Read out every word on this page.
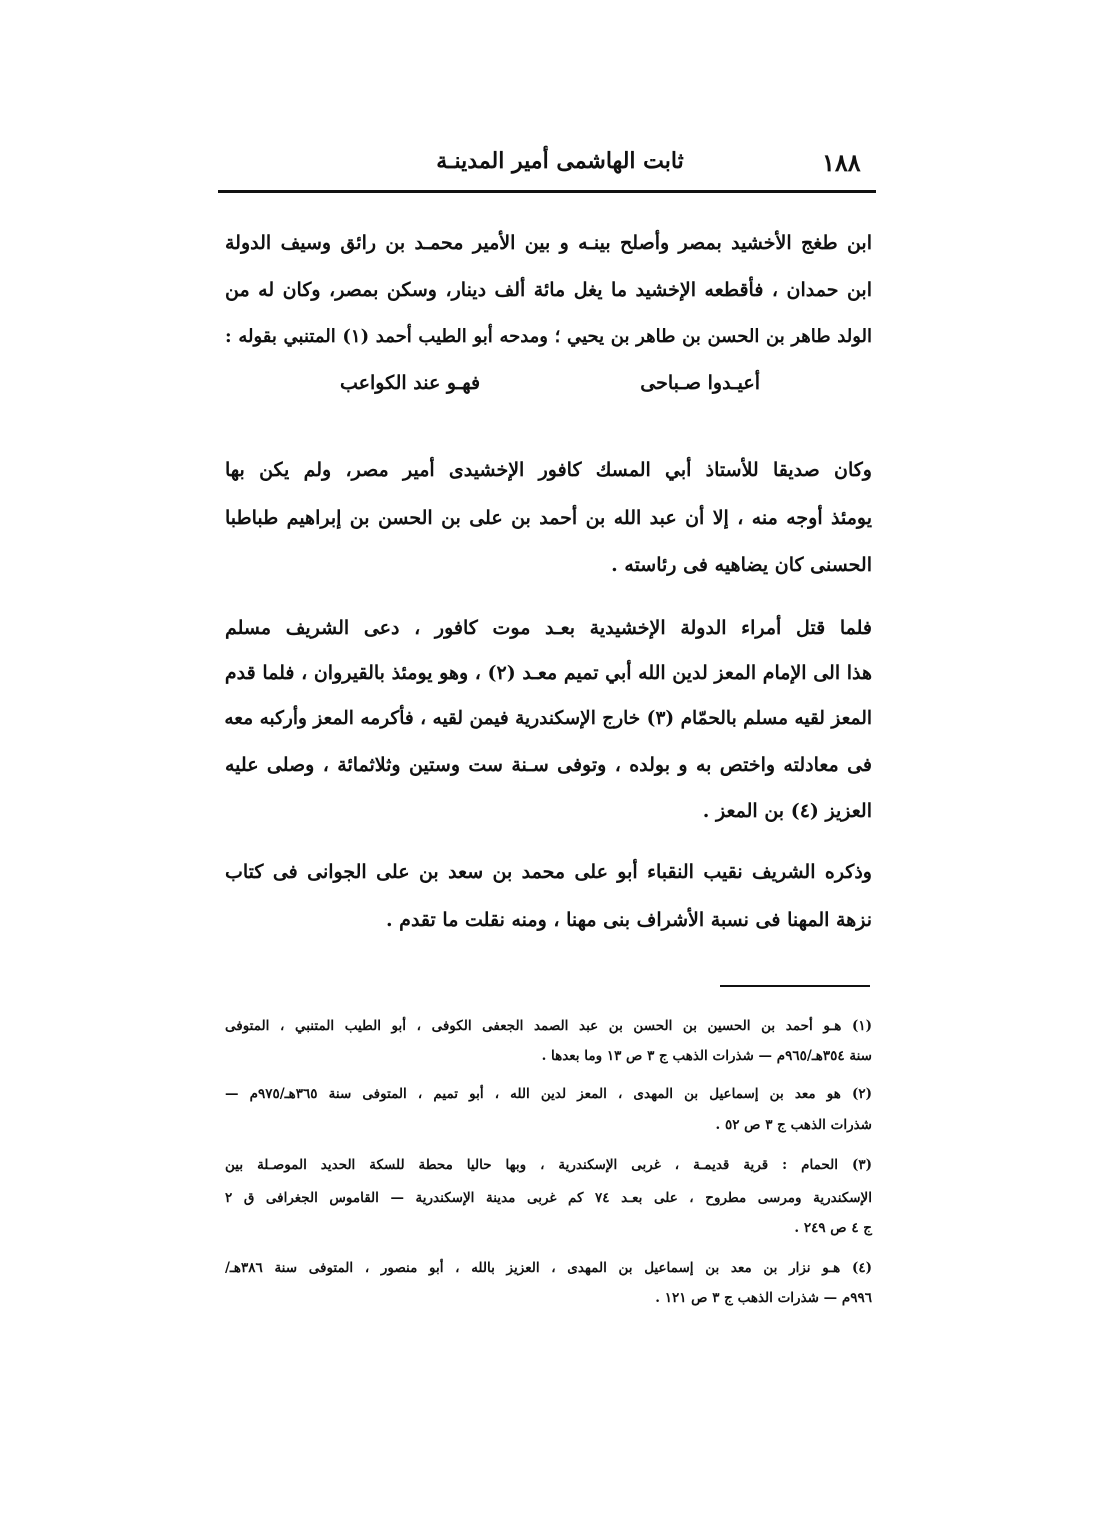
١٨٨
ثابت الهاشمى أمير المدينـة
ابن طغج الأخشيد بمصر وأصلح بينـه و بين الأمير محمـد بن رائق وسيف الدولة
ابن حمدان ، فأقطعه الإخشيد ما يغل مائة ألف دينار، وسكن بمصر، وكان له من
الولد طاهر بن الحسن بن طاهر بن يحيي ؛ ومدحه أبو الطيب أحمد (١) المتنبي بقوله :
أعيـدوا صـباحى
فهـو عند الكواعب
وكان صديقا للأستاذ أبي المسك كافور الإخشيدى أمير مصر، ولم يكن بها
يومئذ أوجه منه ، إلا أن عبد الله بن أحمد بن على بن الحسن بن إبراهيم طباطبا
الحسنى كان يضاهيه فى رئاسته .
فلما قتل أمراء الدولة الإخشيدية بعـد موت كافور ، دعى الشريف مسلم
هذا الى الإمام المعز لدين الله أبي تميم معـد (٢) ، وهو يومئذ بالقيروان ، فلما قدم
المعز لقيه مسلم بالحمّام (٣) خارج الإسكندرية فيمن لقيه ، فأكرمه المعز وأركبه معه
فى معادلته واختص به و بولده ، وتوفى سـنة ست وستين وثلاثمائة ، وصلى عليه
العزيز (٤) بن المعز .
وذكره الشريف نقيب النقباء أبو على محمد بن سعد بن على الجوانى فى كتاب
نزهة المهنا فى نسبة الأشراف بنى مهنا ، ومنه نقلت ما تقدم .
(١) هـو أحمد بن الحسين بن الحسن بن عبد الصمد الجعفى الكوفى ، أبو الطيب المتنبي ، المتوفى
سنة ٣٥٤هـ/٩٦٥م — شذرات الذهب ج ٣ ص ١٣ وما بعدها .
(٢) هو معد بن إسماعيل بن المهدى ، المعز لدين الله ، أبو تميم ، المتوفى سنة ٣٦٥هـ/٩٧٥م —
شذرات الذهب ج ٣ ص ٥٢ .
(٣) الحمام : قرية قديمـة ، غربى الإسكندرية ، وبها حاليا محطة للسكة الحديد الموصـلة بين
الإسكندرية ومرسى مطروح ، على بعـد ٧٤ كم غربى مدينة الإسكندرية — القاموس الجغرافى ق ٢
ج ٤ ص ٢٤٩ .
(٤) هـو نزار بن معد بن إسماعيل بن المهدى ، العزيز بالله ، أبو منصور ، المتوفى سنة ٣٨٦هـ/
٩٩٦م — شذرات الذهب ج ٣ ص ١٢١ .
